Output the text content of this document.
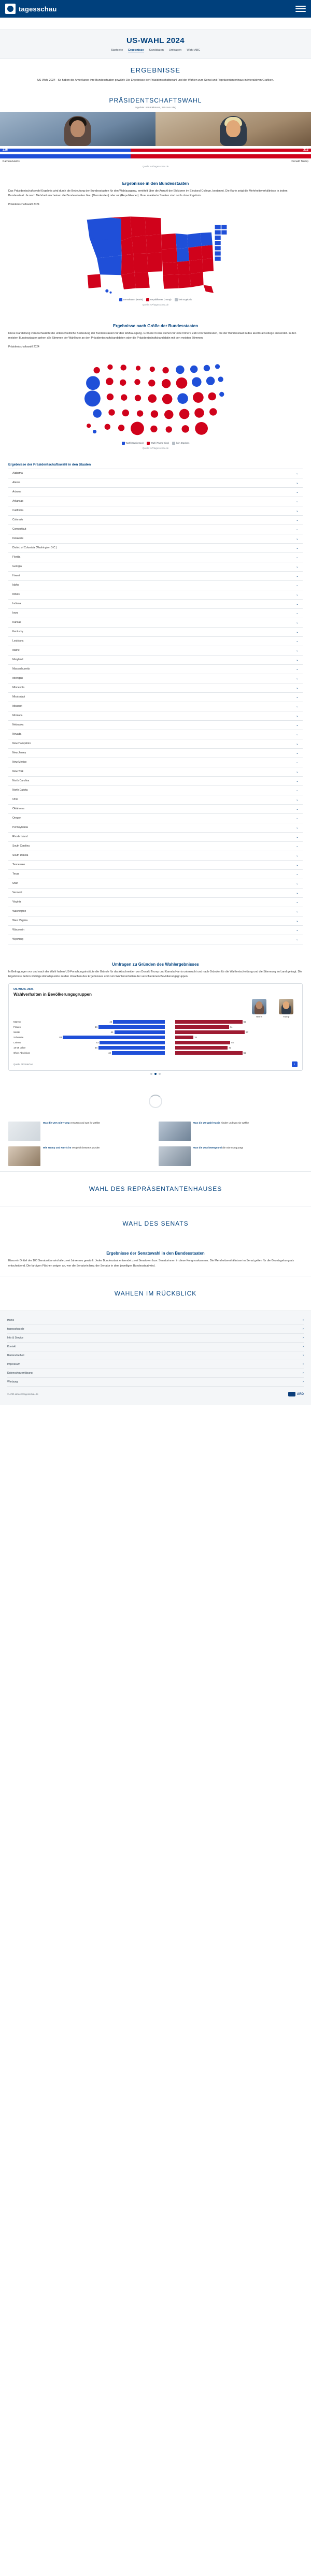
tagesschau
US-WAHL 2024
Startseite Ergebnisse Kandidaten Umfragen Wahl-ABC
ERGEBNISSE

US-Wahl 2024 - So haben die Amerikaner ihre Bundesstaaten gewählt: Die Ergebnisse der Präsidentschaftswahl und der Wahlen zum Senat und Repräsentantenhaus in interaktiven Grafiken.

PRÄSIDENTSCHAFTSWAHL
Ergebnis: 538 Elektoren, 270 zum Sieg
226	312
Kamala Harris	Donald Trump
Quelle: AP/tagesschau.de
Ergebnisse in den Bundesstaaten

Das Präsidentschaftswahl-Ergebnis wird durch die Bedeutung der Bundesstaaten für den Wahlausgang, ermittelt über die Anzahl der Elektoren im Electoral College, bestimmt. Die Karte zeigt die Mehrheitsverhältnisse in jedem Bundesstaat: Je nach Mehrheit erscheinen die Bundesstaaten blau (Demokraten) oder rot (Republikaner). Grau markierte Staaten sind noch ohne Ergebnis.

Präsidentschaftswahl 2024
Demokraten (Harris)	Republikaner (Trump)	kein Ergebnis
Quelle: AP/tagesschau.de
Ergebnisse nach Größe der Bundesstaaten

Diese Darstellung veranschaulicht die unterschiedliche Bedeutung der Bundesstaaten für den Wahlausgang. Größere Kreise stehen für eine höhere Zahl von Wahlleuten, die der Bundesstaat in das Electoral College entsendet. In den meisten Bundesstaaten gehen alle Stimmen der Wahlleute an den Präsidentschaftskandidaten oder die Präsidentschaftskandidatin mit den meisten Stimmen.

Präsidentschaftswahl 2024
Wahl (Harris-Sieg)	Wahl (Trump-Sieg)	kein Ergebnis
Quelle: AP/tagesschau.de
Ergebnisse der Präsidentschaftswahl in den Staaten
Alabama	⌄
Alaska	⌄
Arizona	⌄
Arkansas	⌄
California	⌄
Colorado	⌄
Connecticut	⌄
Delaware	⌄
District of Columbia (Washington D.C.)	⌄
Florida	⌄
Georgia	⌄
Hawaii	⌄
Idaho	⌄
Illinois	⌄
Indiana	⌄
Iowa	⌄
Kansas	⌄
Kentucky	⌄
Louisiana	⌄
Maine	⌄
Maryland	⌄
Massachusetts	⌄
Michigan	⌄
Minnesota	⌄
Mississippi	⌄
Missouri	⌄
Montana	⌄
Nebraska	⌄
Nevada	⌄
New Hampshire	⌄
New Jersey	⌄
New Mexico	⌄
New York	⌄
North Carolina	⌄
North Dakota	⌄
Ohio	⌄
Oklahoma	⌄
Oregon	⌄
Pennsylvania	⌄
Rhode Island	⌄
South Carolina	⌄
South Dakota	⌄
Tennessee	⌄
Texas	⌄
Utah	⌄
Vermont	⌄
Virginia	⌄
Washington	⌄
West Virginia	⌄
Wisconsin	⌄
Wyoming	⌄
Umfragen zu Gründen des Wahlergebnisses

In Befragungen vor und nach der Wahl haben US-Forschungsinstitute die Gründe für das Abschneiden von Donald Trump und Kamala Harris untersucht und nach Gründen für die Wahlentscheidung und die Stimmung im Land gefragt. Die Ergebnisse liefern wichtige Anhaltspunkte zu den Ursachen des Ergebnisses und zum Wählerverhalten der verschiedenen Bevölkerungsgruppen.

US-WAHL 2024
Wahlverhalten in Bevölkerungsgruppen
Harris	Trump
Männer	42	55
Frauen	54	44
Weiße	41	57
Schwarze	83	15
Latinos	53	45
18-29 Jahre	54	43
Ohne Abschluss	43	55
Quelle: AP VoteCast	i
Was die USA mit Trump erwarten und was ihr wählte	Was die US-Wahl Harris hindert und was sie wählte
Wie Trump und Harris im Vergleich bewertet wurden	Was die USA bewegt und die Stimmung prägt
WAHL DES REPRÄSENTANTENHAUSES
WAHL DES SENATS
Ergebnisse der Senatswahl in den Bundesstaaten

Etwa ein Drittel der 100 Senatssitze wird alle zwei Jahre neu gewählt. Jeder Bundesstaat entsendet zwei Senatoren bzw. Senatorinnen in diese Kongresskammer. Die Mehrheitsverhältnisse im Senat gelten für die Gesetzgebung als entscheidend. Die farbigen Flächen zeigen an, wer die Senatorin bzw. der Senator in dem jeweiligen Bundesstaat wird.

WAHLEN IM RÜCKBLICK
Home	›
tagesschau.de	›
Info & Service	›
Kontakt	›
Barrierefreiheit	›
Impressum	›
Datenschutzerklärung	›
Werbung	›
© ARD-aktuell / tagesschau.de	ARD
